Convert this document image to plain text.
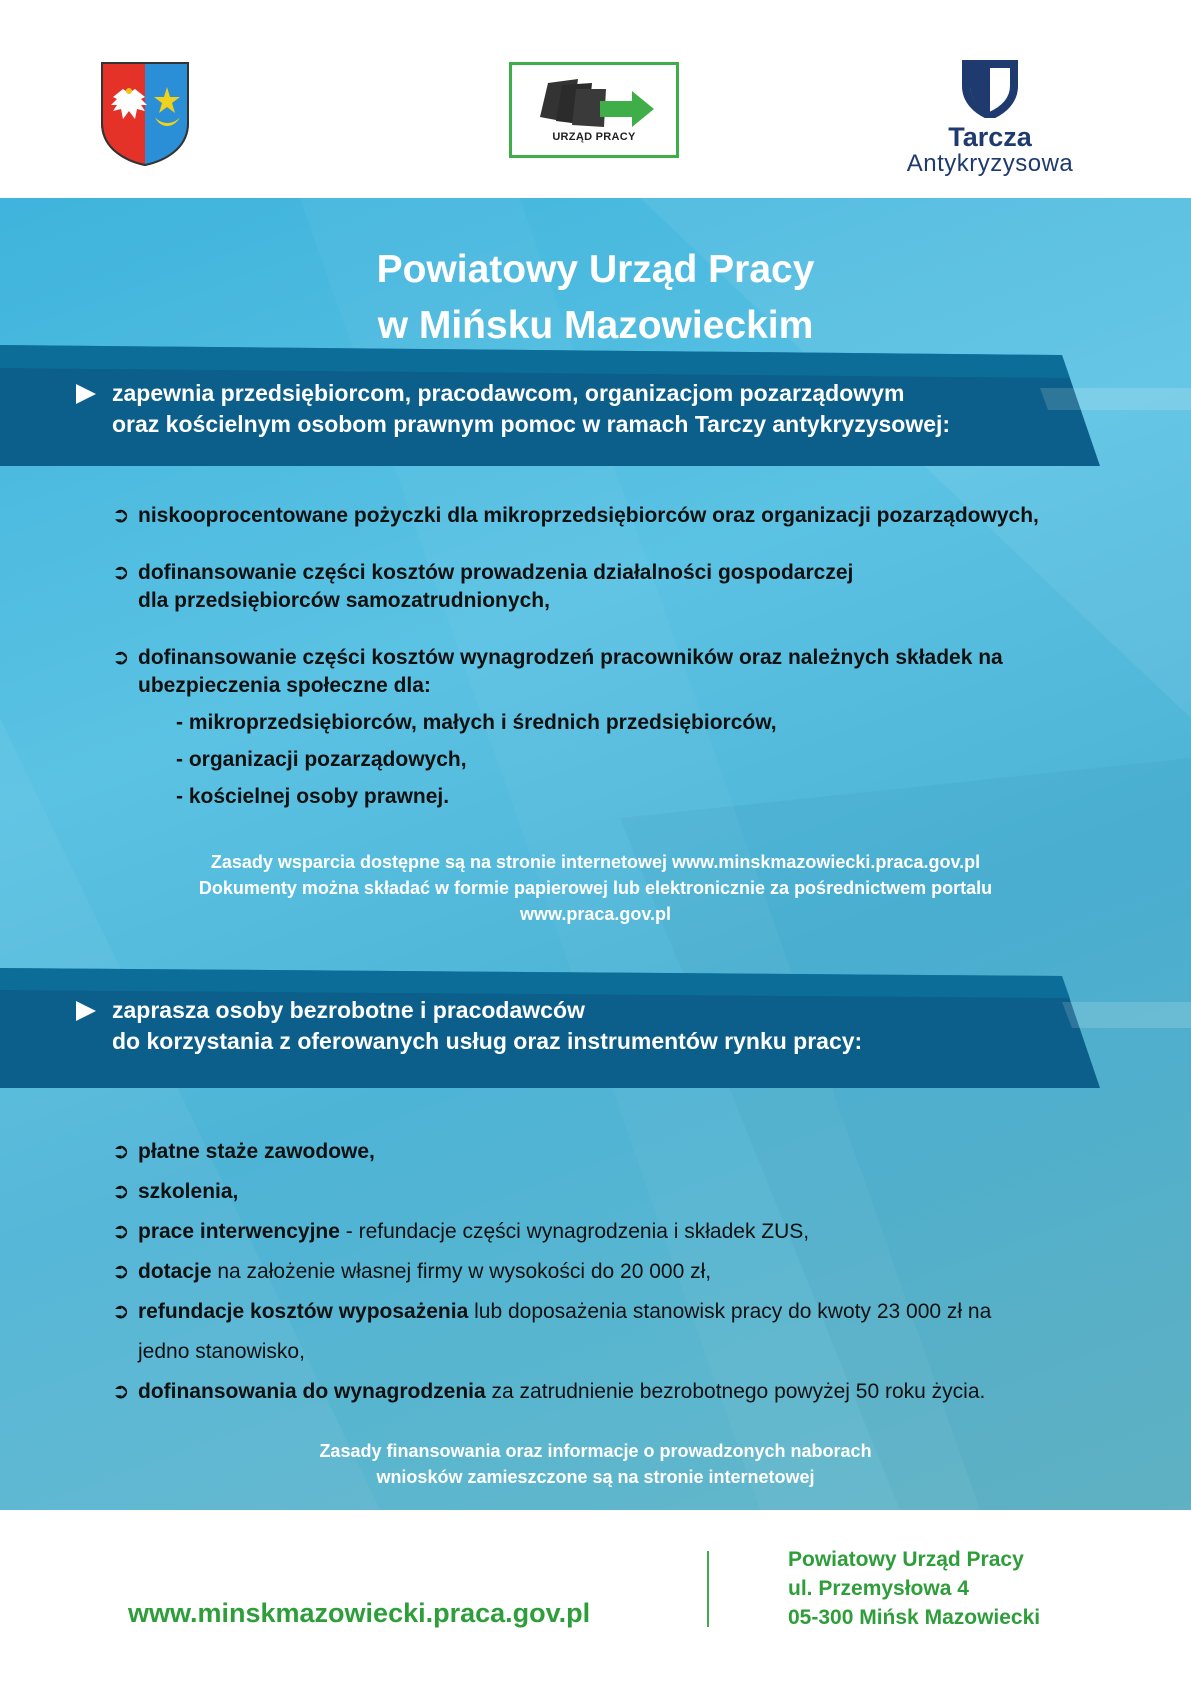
URZĄD PRACY	Tarcza
Antykryzysowa
Powiatowy Urząd Pracy
w Mińsku Mazowieckim
zapewnia przedsiębiorcom, pracodawcom, organizacjom pozarządowym
oraz kościelnym osobom prawnym pomoc w ramach Tarczy antykryzysowej:
➲ niskooprocentowane pożyczki dla mikroprzedsiębiorców oraz organizacji pozarządowych,
➲ dofinansowanie części kosztów prowadzenia działalności gospodarczej
dla przedsiębiorców samozatrudnionych,
➲ dofinansowanie części kosztów wynagrodzeń pracowników oraz należnych składek na
ubezpieczenia społeczne dla:
- mikroprzedsiębiorców, małych i średnich przedsiębiorców,
- organizacji pozarządowych,
- kościelnej osoby prawnej.
Zasady wsparcia dostępne są na stronie internetowej www.minskmazowiecki.praca.gov.pl
Dokumenty można składać w formie papierowej lub elektronicznie za pośrednictwem portalu
www.praca.gov.pl
zaprasza osoby bezrobotne i pracodawców
do korzystania z oferowanych usług oraz instrumentów rynku pracy:
➲ płatne staże zawodowe,
➲ szkolenia,
➲ prace interwencyjne - refundacje części wynagrodzenia i składek ZUS,
➲ dotacje na założenie własnej firmy w wysokości do 20 000 zł,
➲ refundacje kosztów wyposażenia lub doposażenia stanowisk pracy do kwoty 23 000 zł na
jedno stanowisko,
➲ dofinansowania do wynagrodzenia za zatrudnienie bezrobotnego powyżej 50 roku życia.
Zasady finansowania oraz informacje o prowadzonych naborach
wniosków zamieszczone są na stronie internetowej
www.minskmazowiecki.praca.gov.pl
Powiatowy Urząd Pracy
ul. Przemysłowa 4
05-300 Mińsk Mazowiecki
